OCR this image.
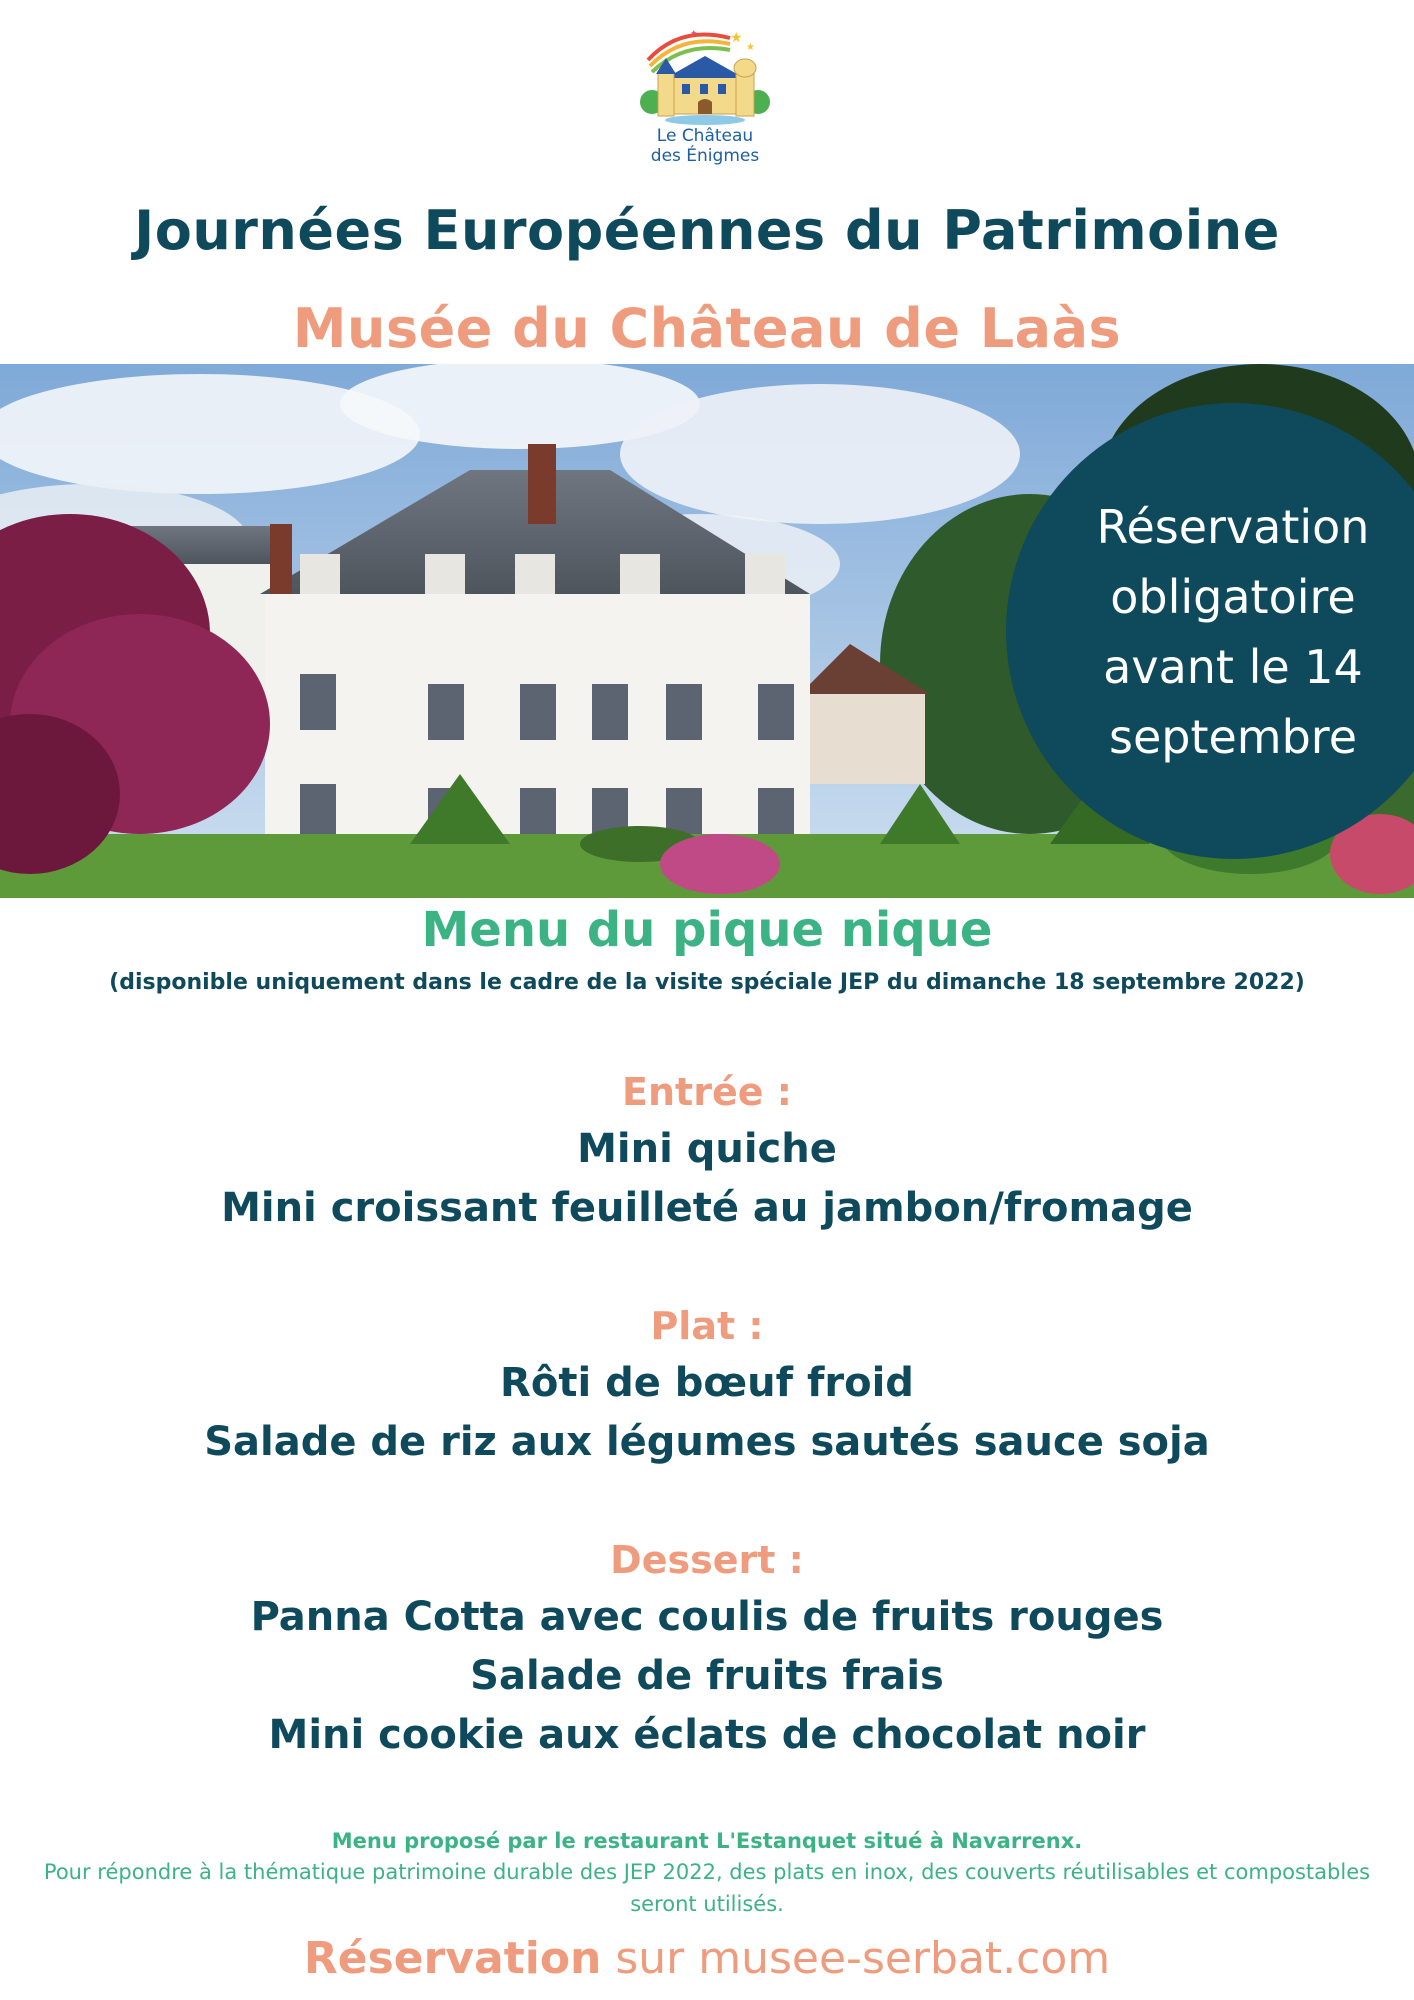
★
★
✦
Le Château
des Énigmes
Journées Européennes du Patrimoine
Musée du Château de Laàs
Réservation
obligatoire
avant le 14
septembre
Menu du pique nique
(disponible uniquement dans le cadre de la visite spéciale JEP du dimanche 18 septembre 2022)
Entrée :
Mini quiche
Mini croissant feuilleté au jambon/fromage
Plat :
Rôti de bœuf froid
Salade de riz aux légumes sautés sauce soja
Dessert :
Panna Cotta avec coulis de fruits rouges
Salade de fruits frais
Mini cookie aux éclats de chocolat noir
Menu proposé par le restaurant L'Estanquet situé à Navarrenx.
Pour répondre à la thématique patrimoine durable des JEP 2022, des plats en inox, des couverts réutilisables et compostables seront utilisés.
Réservation sur musee-serbat.com
